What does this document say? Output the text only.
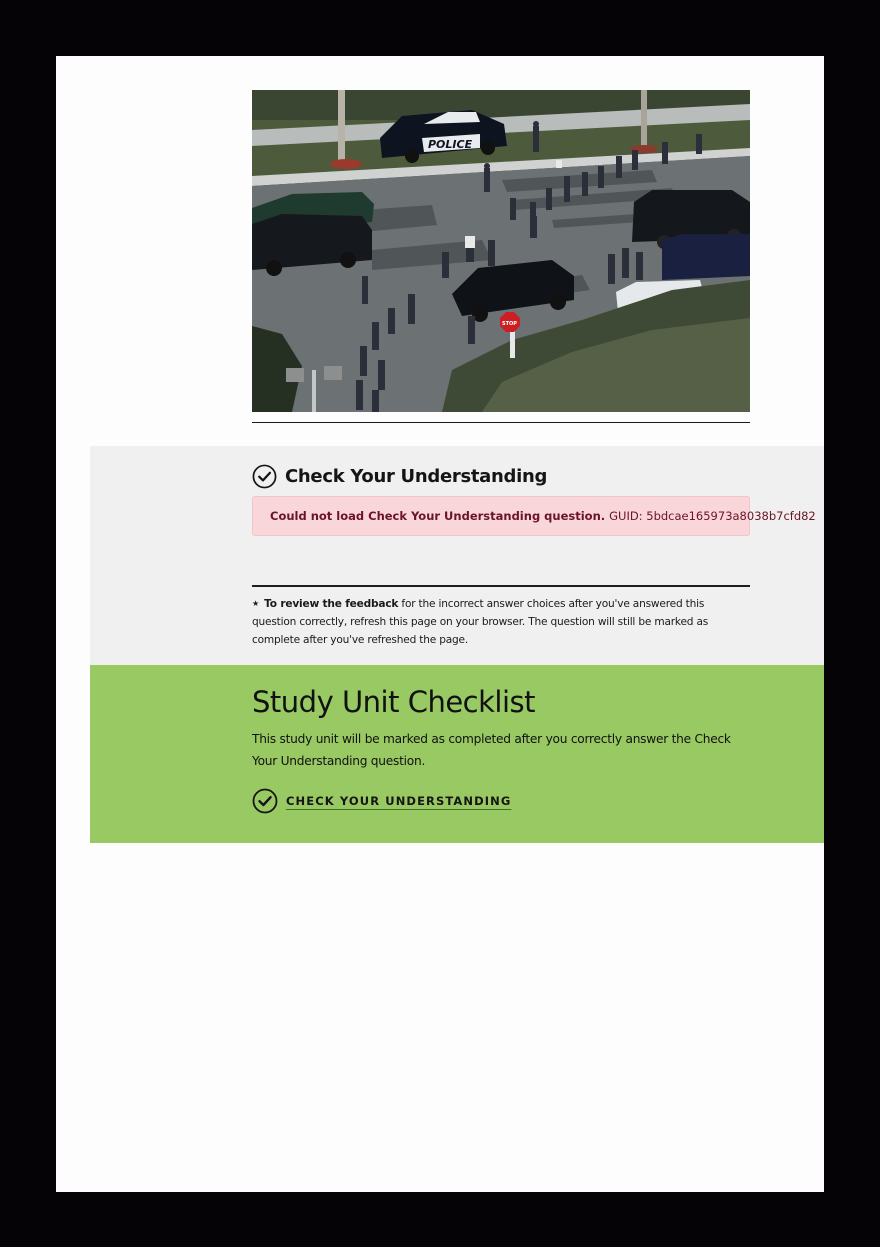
POLICE
STOP
Check Your Understanding
Could not load Check Your Understanding question. GUID:
5bdcae165973a8038b7cfd82

★ To review the feedback for the incorrect answer choices after you've answered this question correctly, refresh this page on your browser. The question will still be marked as complete after you've refreshed the page.

Study Unit Checklist

This study unit will be marked as completed after you correctly answer the Check Your Understanding question.

CHECK YOUR UNDERSTANDING
